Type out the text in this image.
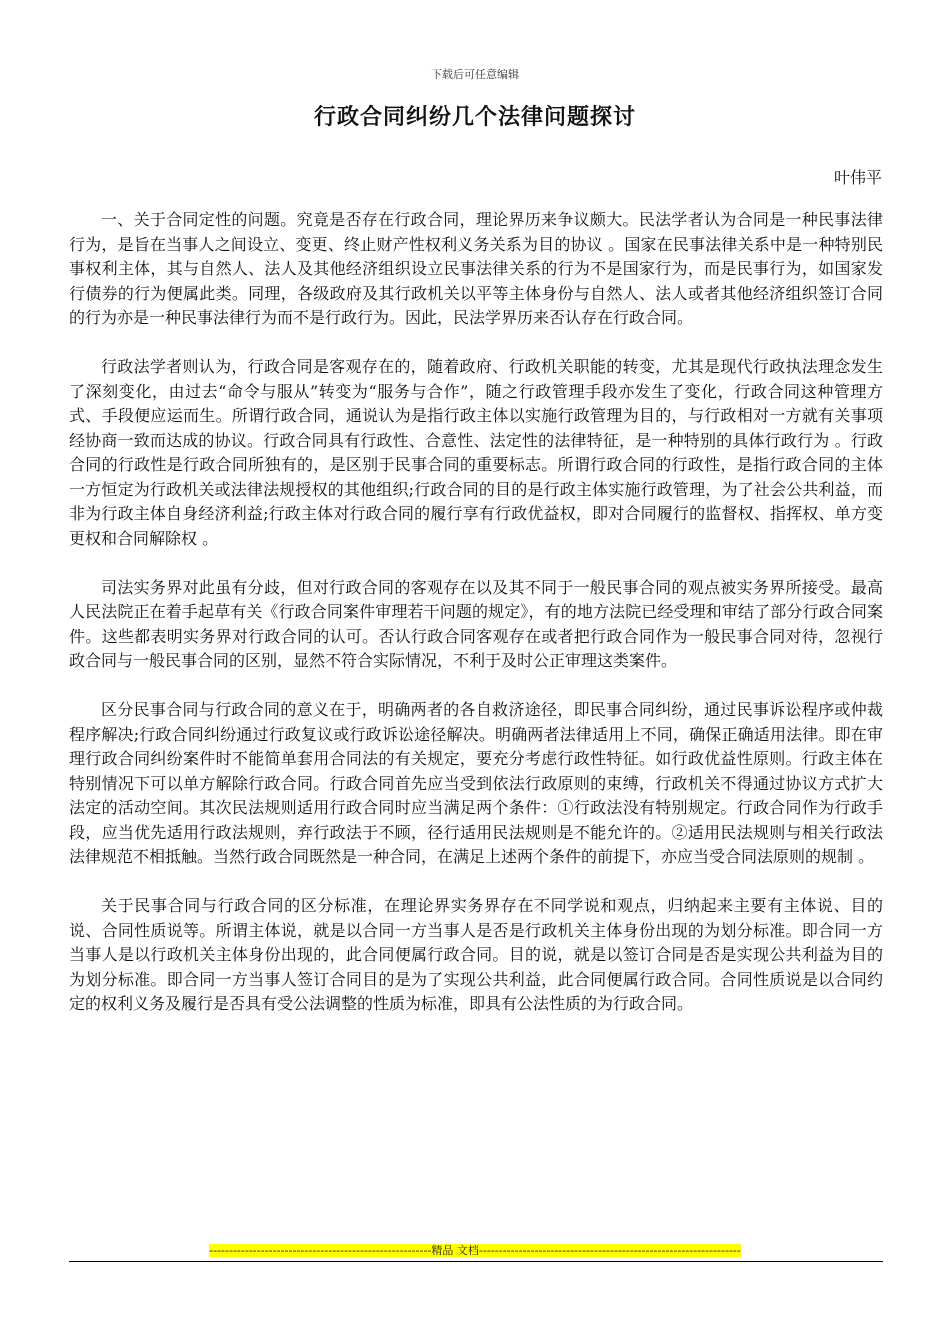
下载后可任意编辑
行政合同纠纷几个法律问题探讨
叶伟平

一、关于合同定性的问题。究竟是否存在行政合同，理论界历来争议颇大。民法学者认为合同是一种民事法律行为，是旨在当事人之间设立、变更、终止财产性权利义务关系为目的协议 。国家在民事法律关系中是一种特别民事权利主体，其与自然人、法人及其他经济组织设立民事法律关系的行为不是国家行为，而是民事行为，如国家发行债券的行为便属此类。同理，各级政府及其行政机关以平等主体身份与自然人、法人或者其他经济组织签订合同的行为亦是一种民事法律行为而不是行政行为。因此，民法学界历来否认存在行政合同。

行政法学者则认为，行政合同是客观存在的，随着政府、行政机关职能的转变，尤其是现代行政执法理念发生了深刻变化，由过去“命令与服从”转变为“服务与合作”，随之行政管理手段亦发生了变化，行政合同这种管理方式、手段便应运而生。所谓行政合同，通说认为是指行政主体以实施行政管理为目的，与行政相对一方就有关事项经协商一致而达成的协议。行政合同具有行政性、合意性、法定性的法律特征，是一种特别的具体行政行为 。行政合同的行政性是行政合同所独有的，是区别于民事合同的重要标志。所谓行政合同的行政性，是指行政合同的主体一方恒定为行政机关或法律法规授权的其他组织;行政合同的目的是行政主体实施行政管理，为了社会公共利益，而非为行政主体自身经济利益;行政主体对行政合同的履行享有行政优益权，即对合同履行的监督权、指挥权、单方变更权和合同解除权 。

司法实务界对此虽有分歧，但对行政合同的客观存在以及其不同于一般民事合同的观点被实务界所接受。最高人民法院正在着手起草有关《行政合同案件审理若干问题的规定》，有的地方法院已经受理和审结了部分行政合同案件。这些都表明实务界对行政合同的认可。否认行政合同客观存在或者把行政合同作为一般民事合同对待，忽视行政合同与一般民事合同的区别，显然不符合实际情况，不利于及时公正审理这类案件。

区分民事合同与行政合同的意义在于，明确两者的各自救济途径，即民事合同纠纷，通过民事诉讼程序或仲裁程序解决;行政合同纠纷通过行政复议或行政诉讼途径解决。明确两者法律适用上不同，确保正确适用法律。即在审理行政合同纠纷案件时不能简单套用合同法的有关规定，要充分考虑行政性特征。如行政优益性原则。行政主体在特别情况下可以单方解除行政合同。行政合同首先应当受到依法行政原则的束缚，行政机关不得通过协议方式扩大法定的活动空间。其次民法规则适用行政合同时应当满足两个条件：①行政法没有特别规定。行政合同作为行政手段，应当优先适用行政法规则，弃行政法于不顾，径行适用民法规则是不能允许的。②适用民法规则与相关行政法法律规范不相抵触。当然行政合同既然是一种合同，在满足上述两个条件的前提下，亦应当受合同法原则的规制 。

关于民事合同与行政合同的区分标准，在理论界实务界存在不同学说和观点，归纳起来主要有主体说、目的说、合同性质说等。所谓主体说，就是以合同一方当事人是否是行政机关主体身份出现的为划分标准。即合同一方当事人是以行政机关主体身份出现的，此合同便属行政合同。目的说，就是以签订合同是否是实现公共利益为目的为划分标准。即合同一方当事人签订合同目的是为了实现公共利益，此合同便属行政合同。合同性质说是以合同约定的权利义务及履行是否具有受公法调整的性质为标准，即具有公法性质的为行政合同。

--------------------------------------------------------精品 文档------------------------------------------------------------------
